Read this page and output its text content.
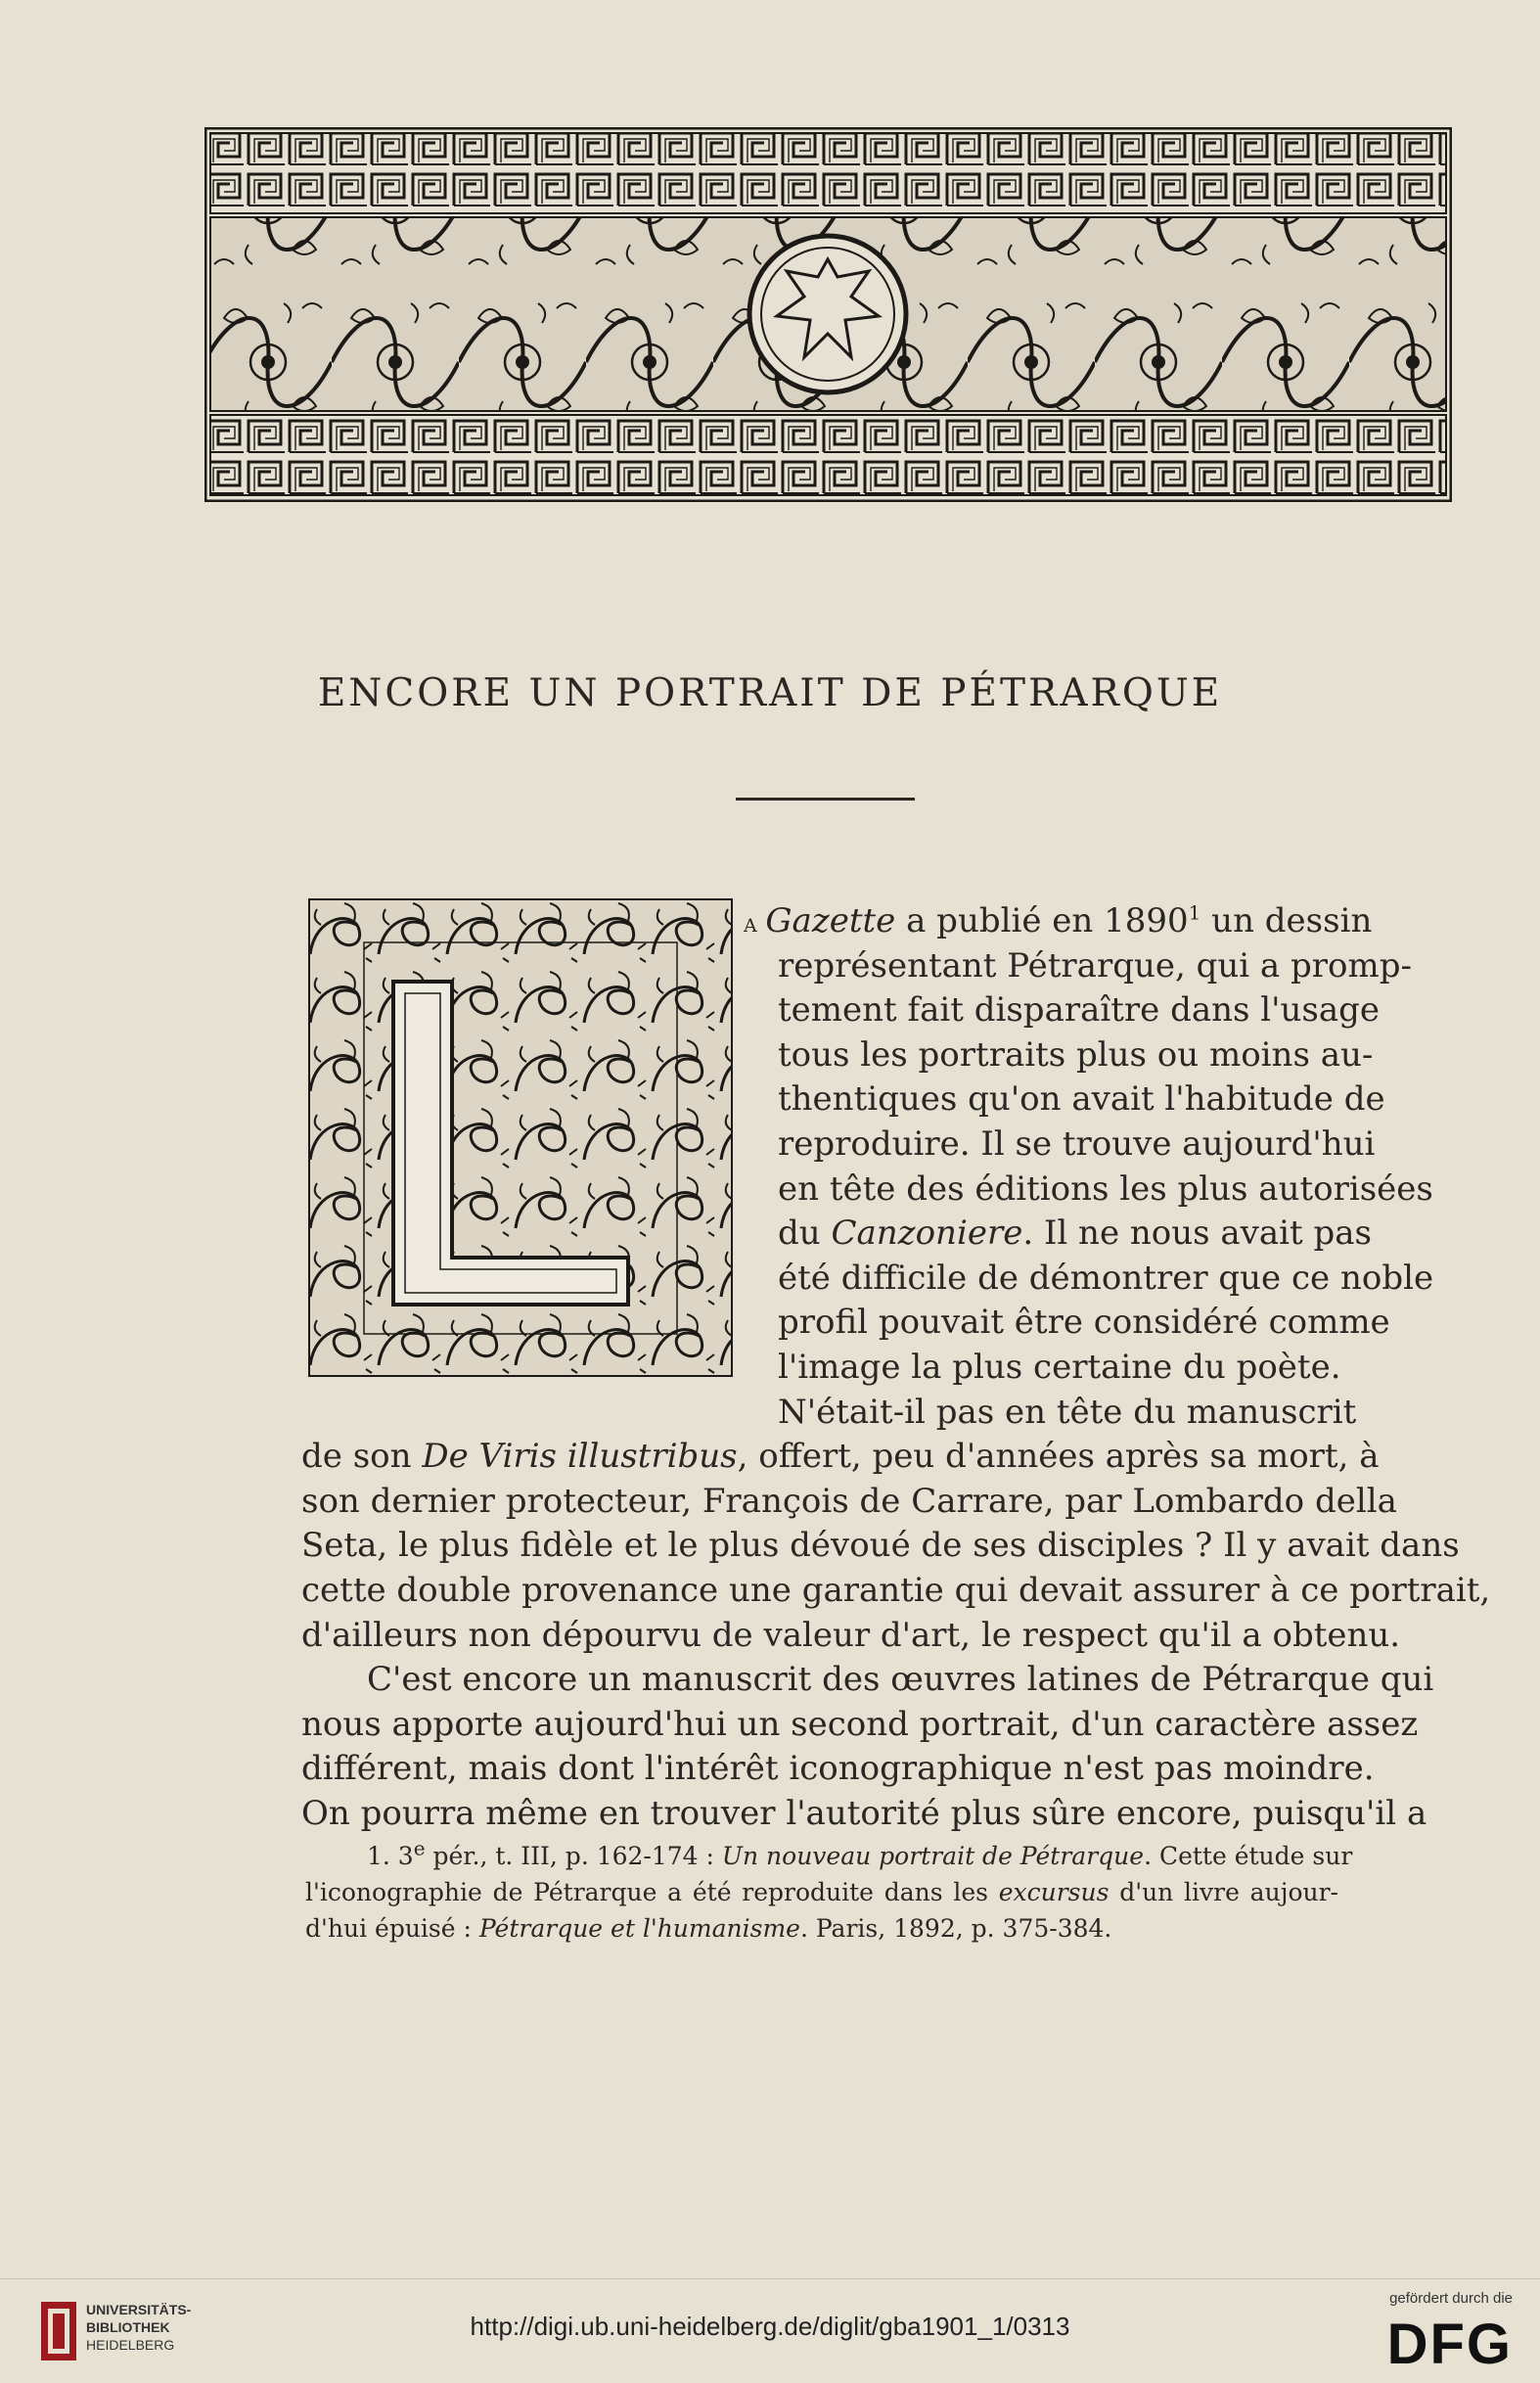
ENCORE UN PORTRAIT DE PÉTRARQUE
a Gazette a publié en 1890$^1$ un dessin
représentant Pétrarque, qui a promp-
tement fait disparaître dans l'usage
tous les portraits plus ou moins au-
thentiques qu'on avait l'habitude de
reproduire. Il se trouve aujourd'hui
en tête des éditions les plus autorisées
du Canzoniere. Il ne nous avait pas
été difficile de démontrer que ce noble
profil pouvait être considéré comme
l'image la plus certaine du poète.
N'était-il pas en tête du manuscrit
de son De Viris illustribus, offert, peu d'années après sa mort, à
son dernier protecteur, François de Carrare, par Lombardo della
Seta, le plus fidèle et le plus dévoué de ses disciples ? Il y avait dans
cette double provenance une garantie qui devait assurer à ce portrait,
d'ailleurs non dépourvu de valeur d'art, le respect qu'il a obtenu.
C'est encore un manuscrit des œuvres latines de Pétrarque qui
nous apporte aujourd'hui un second portrait, d'un caractère assez
différent, mais dont l'intérêt iconographique n'est pas moindre.
On pourra même en trouver l'autorité plus sûre encore, puisqu'il a
1. 3e pér., t. III, p. 162-174 : Un nouveau portrait de Pétrarque. Cette étude sur
l'iconographie de Pétrarque a été reproduite dans les excursus d'un livre aujour-
d'hui épuisé : Pétrarque et l'humanisme. Paris, 1892, p. 375-384.
UNIVERSITÄTS-
BIBLIOTHEK
HEIDELBERG
http://digi.ub.uni-heidelberg.de/diglit/gba1901_1/0313
gefördert durch die
DFG
